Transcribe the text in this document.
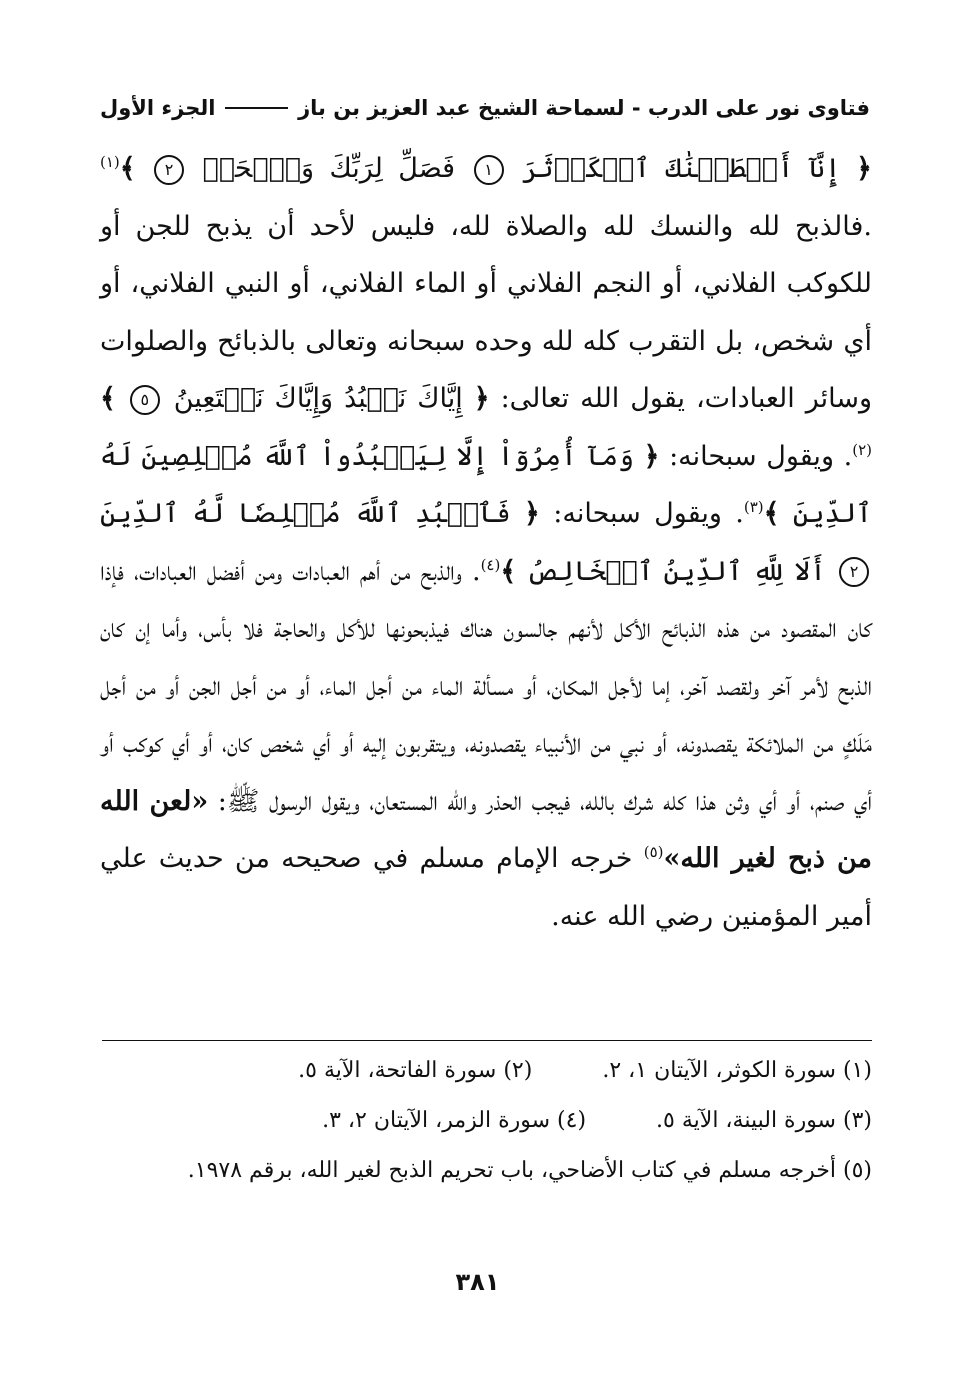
فتاوى نور على الدرب - لسماحة الشيخ عبد العزيز بن باز
الجزء الأول

﴿ إِنَّآ أَعۡطَيۡنَٰكَ ٱلۡكَوۡثَرَ ١ فَصَلِّ لِرَبِّكَ وَٱنۡحَرۡ ٢ ﴾$^{(١)}$ .فالذبح لله والنسك لله والصلاة لله، فليس لأحد أن يذبح للجن أو للكوكب الفلاني، أو النجم الفلاني أو الماء الفلاني، أو النبي الفلاني، أو أي شخص، بل التقرب كله لله وحده سبحانه وتعالى بالذبائح والصلوات وسائر العبادات، يقول الله تعالى: ﴿ إِيَّاكَ نَعۡبُدُ وَإِيَّاكَ نَسۡتَعِينُ ٥ ﴾$^{(٢)}$. ويقول سبحانه: ﴿ وَمَآ أُمِرُوٓاْ إِلَّا لِيَعۡبُدُواْ ٱللَّهَ مُخۡلِصِينَ لَهُ ٱلدِّينَ ﴾$^{(٣)}$. ويقول سبحانه: ﴿ فَٱعۡبُدِ ٱللَّهَ مُخۡلِصٗا لَّهُ ٱلدِّينَ ٢ أَلَا لِلَّهِ ٱلدِّينُ ٱلۡخَالِصُ ﴾$^{(٤)}$. والذبح من أهم العبادات ومن أفضل العبادات، فإذا كان المقصود من هذه الذبائح الأكل لأنهم جالسون هناك فيذبحونها للأكل والحاجة فلا بأس، وأما إن كان الذبح لأمر آخر ولقصد آخر، إما لأجل المكان، أو مسألة الماء من أجل الماء، أو من أجل الجن أو من أجل مَلَكٍ من الملائكة يقصدونه، أو نبي من الأنبياء يقصدونه، ويتقربون إليه أو أي شخص كان، أو أي كوكب أو أي صنم، أو أي وثن هذا كله شرك بالله، فيجب الحذر والله المستعان، ويقول الرسول ﷺ: «لعن الله من ذبح لغير الله»$^{(٥)}$ خرجه الإمام مسلم في صحيحه من حديث علي أمير المؤمنين رضي الله عنه.

(١) سورة الكوثر، الآيتان ١، ٢.
(٢) سورة الفاتحة، الآية ٥.
(٣) سورة البينة، الآية ٥.
(٤) سورة الزمر، الآيتان ٢، ٣.
(٥) أخرجه مسلم في كتاب الأضاحي، باب تحريم الذبح لغير الله، برقم ١٩٧٨.
٣٨١
